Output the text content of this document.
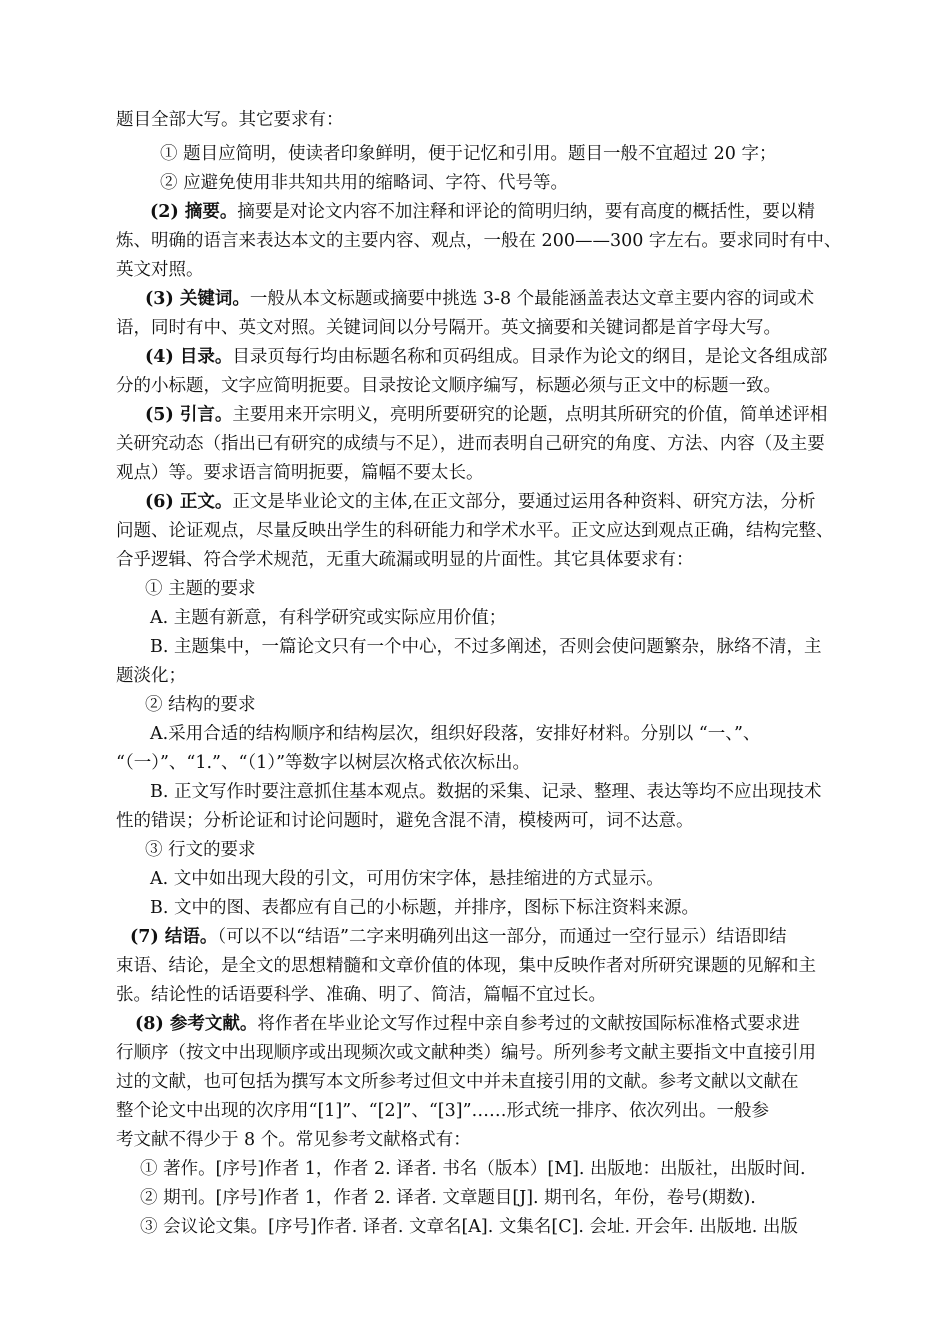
题目全部大写。其它要求有：
① 题目应简明，使读者印象鲜明，便于记忆和引用。题目一般不宜超过 20 字；
② 应避免使用非共知共用的缩略词、字符、代号等。
(2) 摘要。摘要是对论文内容不加注释和评论的简明归纳，要有高度的概括性，要以精
炼、明确的语言来表达本文的主要内容、观点，一般在 200——300 字左右。要求同时有中、
英文对照。
(3) 关键词。一般从本文标题或摘要中挑选 3-8 个最能涵盖表达文章主要内容的词或术
语，同时有中、英文对照。关键词间以分号隔开。英文摘要和关键词都是首字母大写。
(4) 目录。目录页每行均由标题名称和页码组成。目录作为论文的纲目，是论文各组成部
分的小标题，文字应简明扼要。目录按论文顺序编写，标题必须与正文中的标题一致。
(5) 引言。主要用来开宗明义，亮明所要研究的论题，点明其所研究的价值，简单述评相
关研究动态（指出已有研究的成绩与不足），进而表明自己研究的角度、方法、内容（及主要
观点）等。要求语言简明扼要，篇幅不要太长。
(6) 正文。正文是毕业论文的主体,在正文部分，要通过运用各种资料、研究方法，分析
问题、论证观点，尽量反映出学生的科研能力和学术水平。正文应达到观点正确，结构完整、
合乎逻辑、符合学术规范，无重大疏漏或明显的片面性。其它具体要求有：
① 主题的要求
A. 主题有新意，有科学研究或实际应用价值；
B. 主题集中，一篇论文只有一个中心，不过多阐述，否则会使问题繁杂，脉络不清，主
题淡化；
② 结构的要求
A.采用合适的结构顺序和结构层次，组织好段落，安排好材料。分别以 “一、”、
“（一）”、“1.”、“（1）”等数字以树层次格式依次标出。
B. 正文写作时要注意抓住基本观点。数据的采集、记录、整理、表达等均不应出现技术
性的错误；分析论证和讨论问题时，避免含混不清，模棱两可，词不达意。
③ 行文的要求
A. 文中如出现大段的引文，可用仿宋字体，悬挂缩进的方式显示。
B. 文中的图、表都应有自己的小标题，并排序，图标下标注资料来源。
(7) 结语。（可以不以“结语”二字来明确列出这一部分，而通过一空行显示）结语即结
束语、结论，是全文的思想精髓和文章价值的体现，集中反映作者对所研究课题的见解和主
张。结论性的话语要科学、准确、明了、简洁，篇幅不宜过长。
(8) 参考文献。将作者在毕业论文写作过程中亲自参考过的文献按国际标准格式要求进
行顺序（按文中出现顺序或出现频次或文献种类）编号。所列参考文献主要指文中直接引用
过的文献，也可包括为撰写本文所参考过但文中并未直接引用的文献。参考文献以文献在
整个论文中出现的次序用“[1]”、“[2]”、“[3]”……形式统一排序、依次列出。一般参
考文献不得少于 8 个。常见参考文献格式有：
① 著作。[序号]作者 1，作者 2. 译者. 书名（版本）[M]. 出版地：出版社，出版时间.
② 期刊。[序号]作者 1，作者 2. 译者. 文章题目[J]. 期刊名，年份，卷号(期数).
③ 会议论文集。[序号]作者. 译者. 文章名[A]. 文集名[C]. 会址. 开会年. 出版地. 出版
